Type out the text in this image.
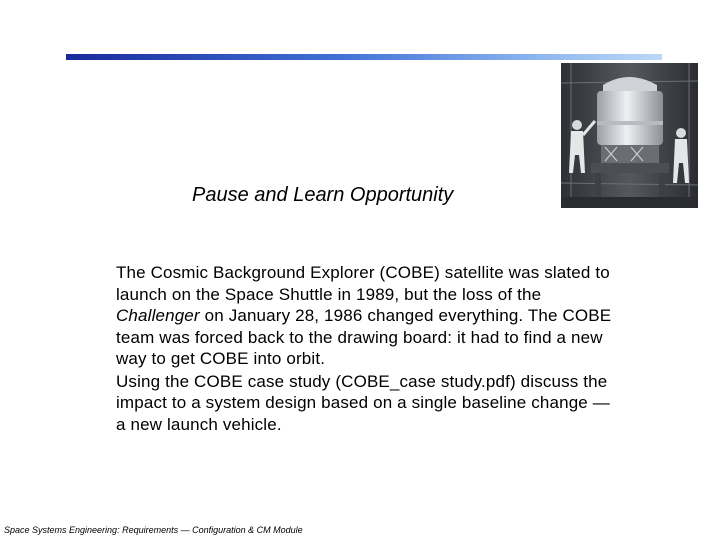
Pause and Learn Opportunity

The Cosmic Background Explorer (COBE) satellite was slated to launch on the Space Shuttle in 1989, but the loss of the Challenger on January 28, 1986 changed everything. The COBE team was forced back to the drawing board: it had to find a new way to get COBE into orbit.

Using the COBE case study (COBE_case study.pdf) discuss the impact to a system design based on a single baseline change — a new launch vehicle.

Space Systems Engineering: Requirements — Configuration & CM Module
